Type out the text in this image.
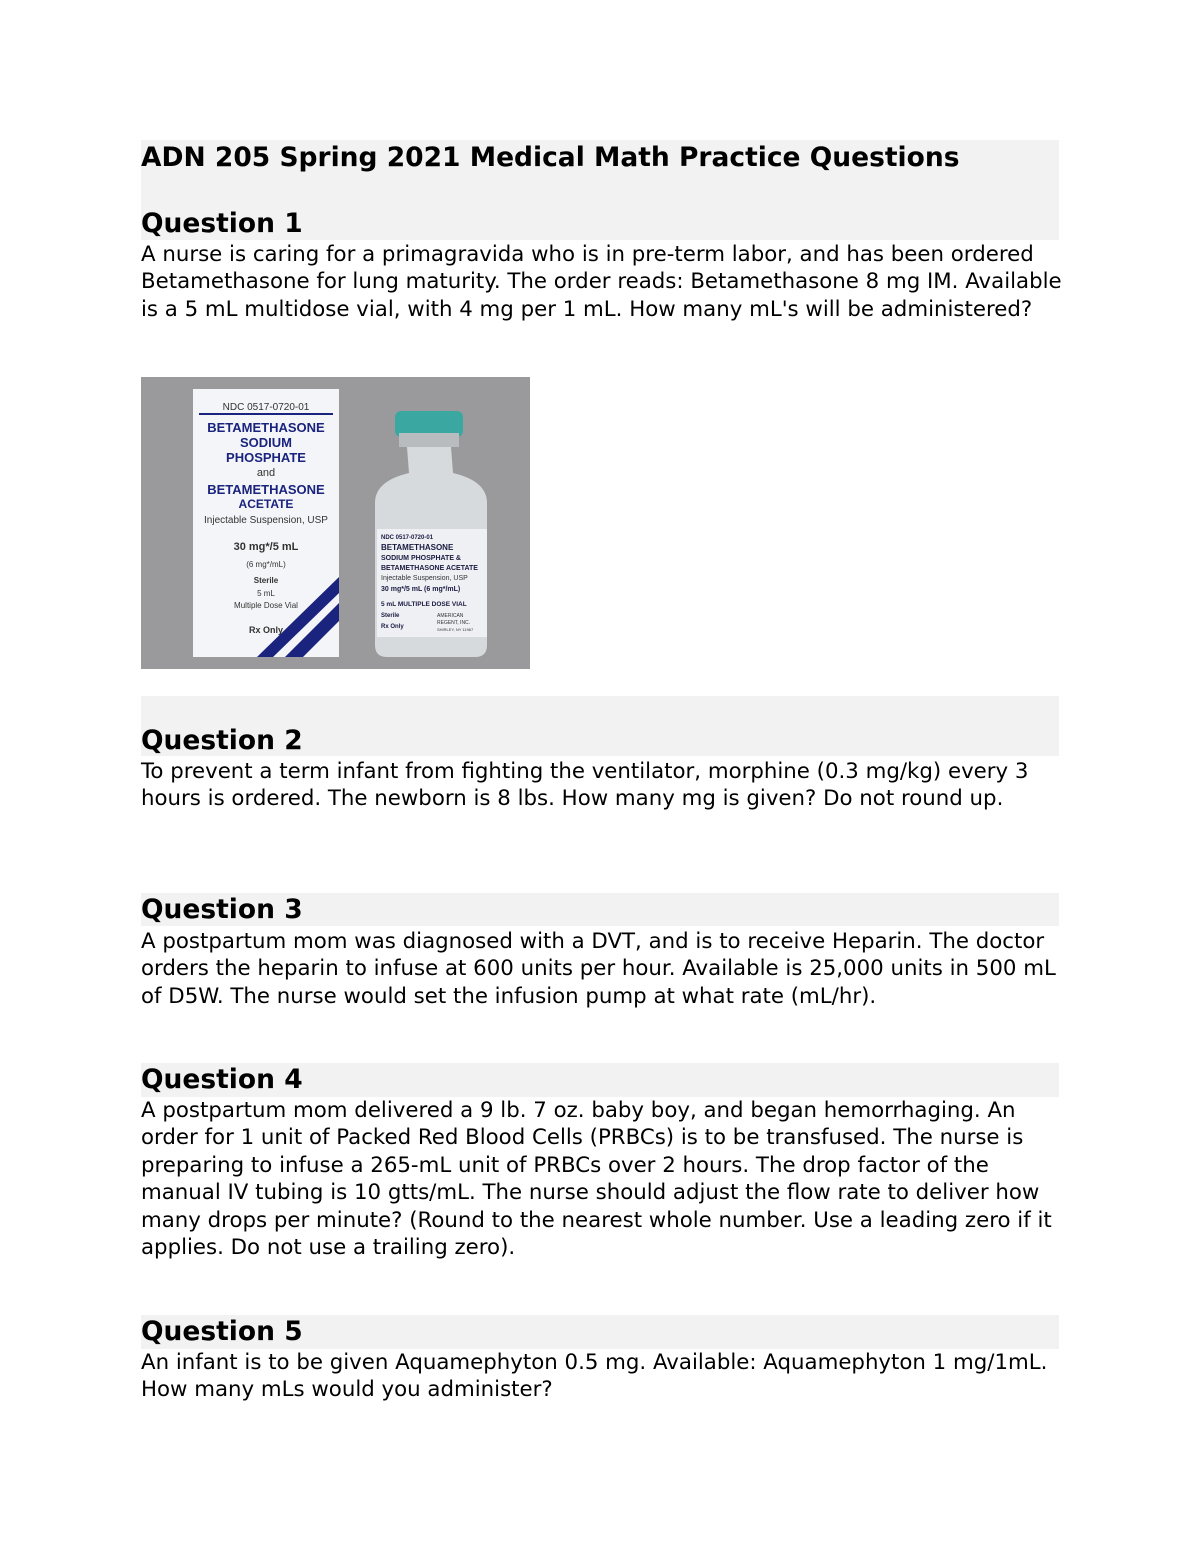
ADN 205 Spring 2021 Medical Math Practice Questions
Question 1

A nurse is caring for a primagravida who is in pre-term labor, and has been ordered Betamethasone for lung maturity. The order reads: Betamethasone 8 mg IM. Available is a 5 mL multidose vial, with 4 mg per 1 mL. How many mL's will be administered?

NDC 0517-0720-01
BETAMETHASONE
SODIUM
PHOSPHATE
and
BETAMETHASONE
ACETATE
Injectable Suspension, USP
30 mg*/5 mL
(6 mg*/mL)
Sterile
5 mL
Multiple Dose Vial
Rx Only
NDC 0517-0720-01
BETAMETHASONE
SODIUM PHOSPHATE &
BETAMETHASONE ACETATE
Injectable Suspension, USP
30 mg*/5 mL (6 mg*/mL)
5 mL MULTIPLE DOSE VIAL
Sterile
Rx Only
AMERICAN
REGENT, INC.
SHIRLEY, NY 11967
Question 2

To prevent a term infant from fighting the ventilator, morphine (0.3 mg/kg) every 3 hours is ordered. The newborn is 8 lbs. How many mg is given? Do not round up.

Question 3

A postpartum mom was diagnosed with a DVT, and is to receive Heparin. The doctor orders the heparin to infuse at 600 units per hour. Available is 25,000 units in 500 mL of D5W. The nurse would set the infusion pump at what rate (mL/hr).

Question 4

A postpartum mom delivered a 9 lb. 7 oz. baby boy, and began hemorrhaging. An order for 1 unit of Packed Red Blood Cells (PRBCs) is to be transfused. The nurse is preparing to infuse a 265-mL unit of PRBCs over 2 hours. The drop factor of the manual IV tubing is 10 gtts/mL. The nurse should adjust the flow rate to deliver how many drops per minute? (Round to the nearest whole number. Use a leading zero if it applies. Do not use a trailing zero).

Question 5

An infant is to be given Aquamephyton 0.5 mg. Available: Aquamephyton 1 mg/1mL. How many mLs would you administer?
